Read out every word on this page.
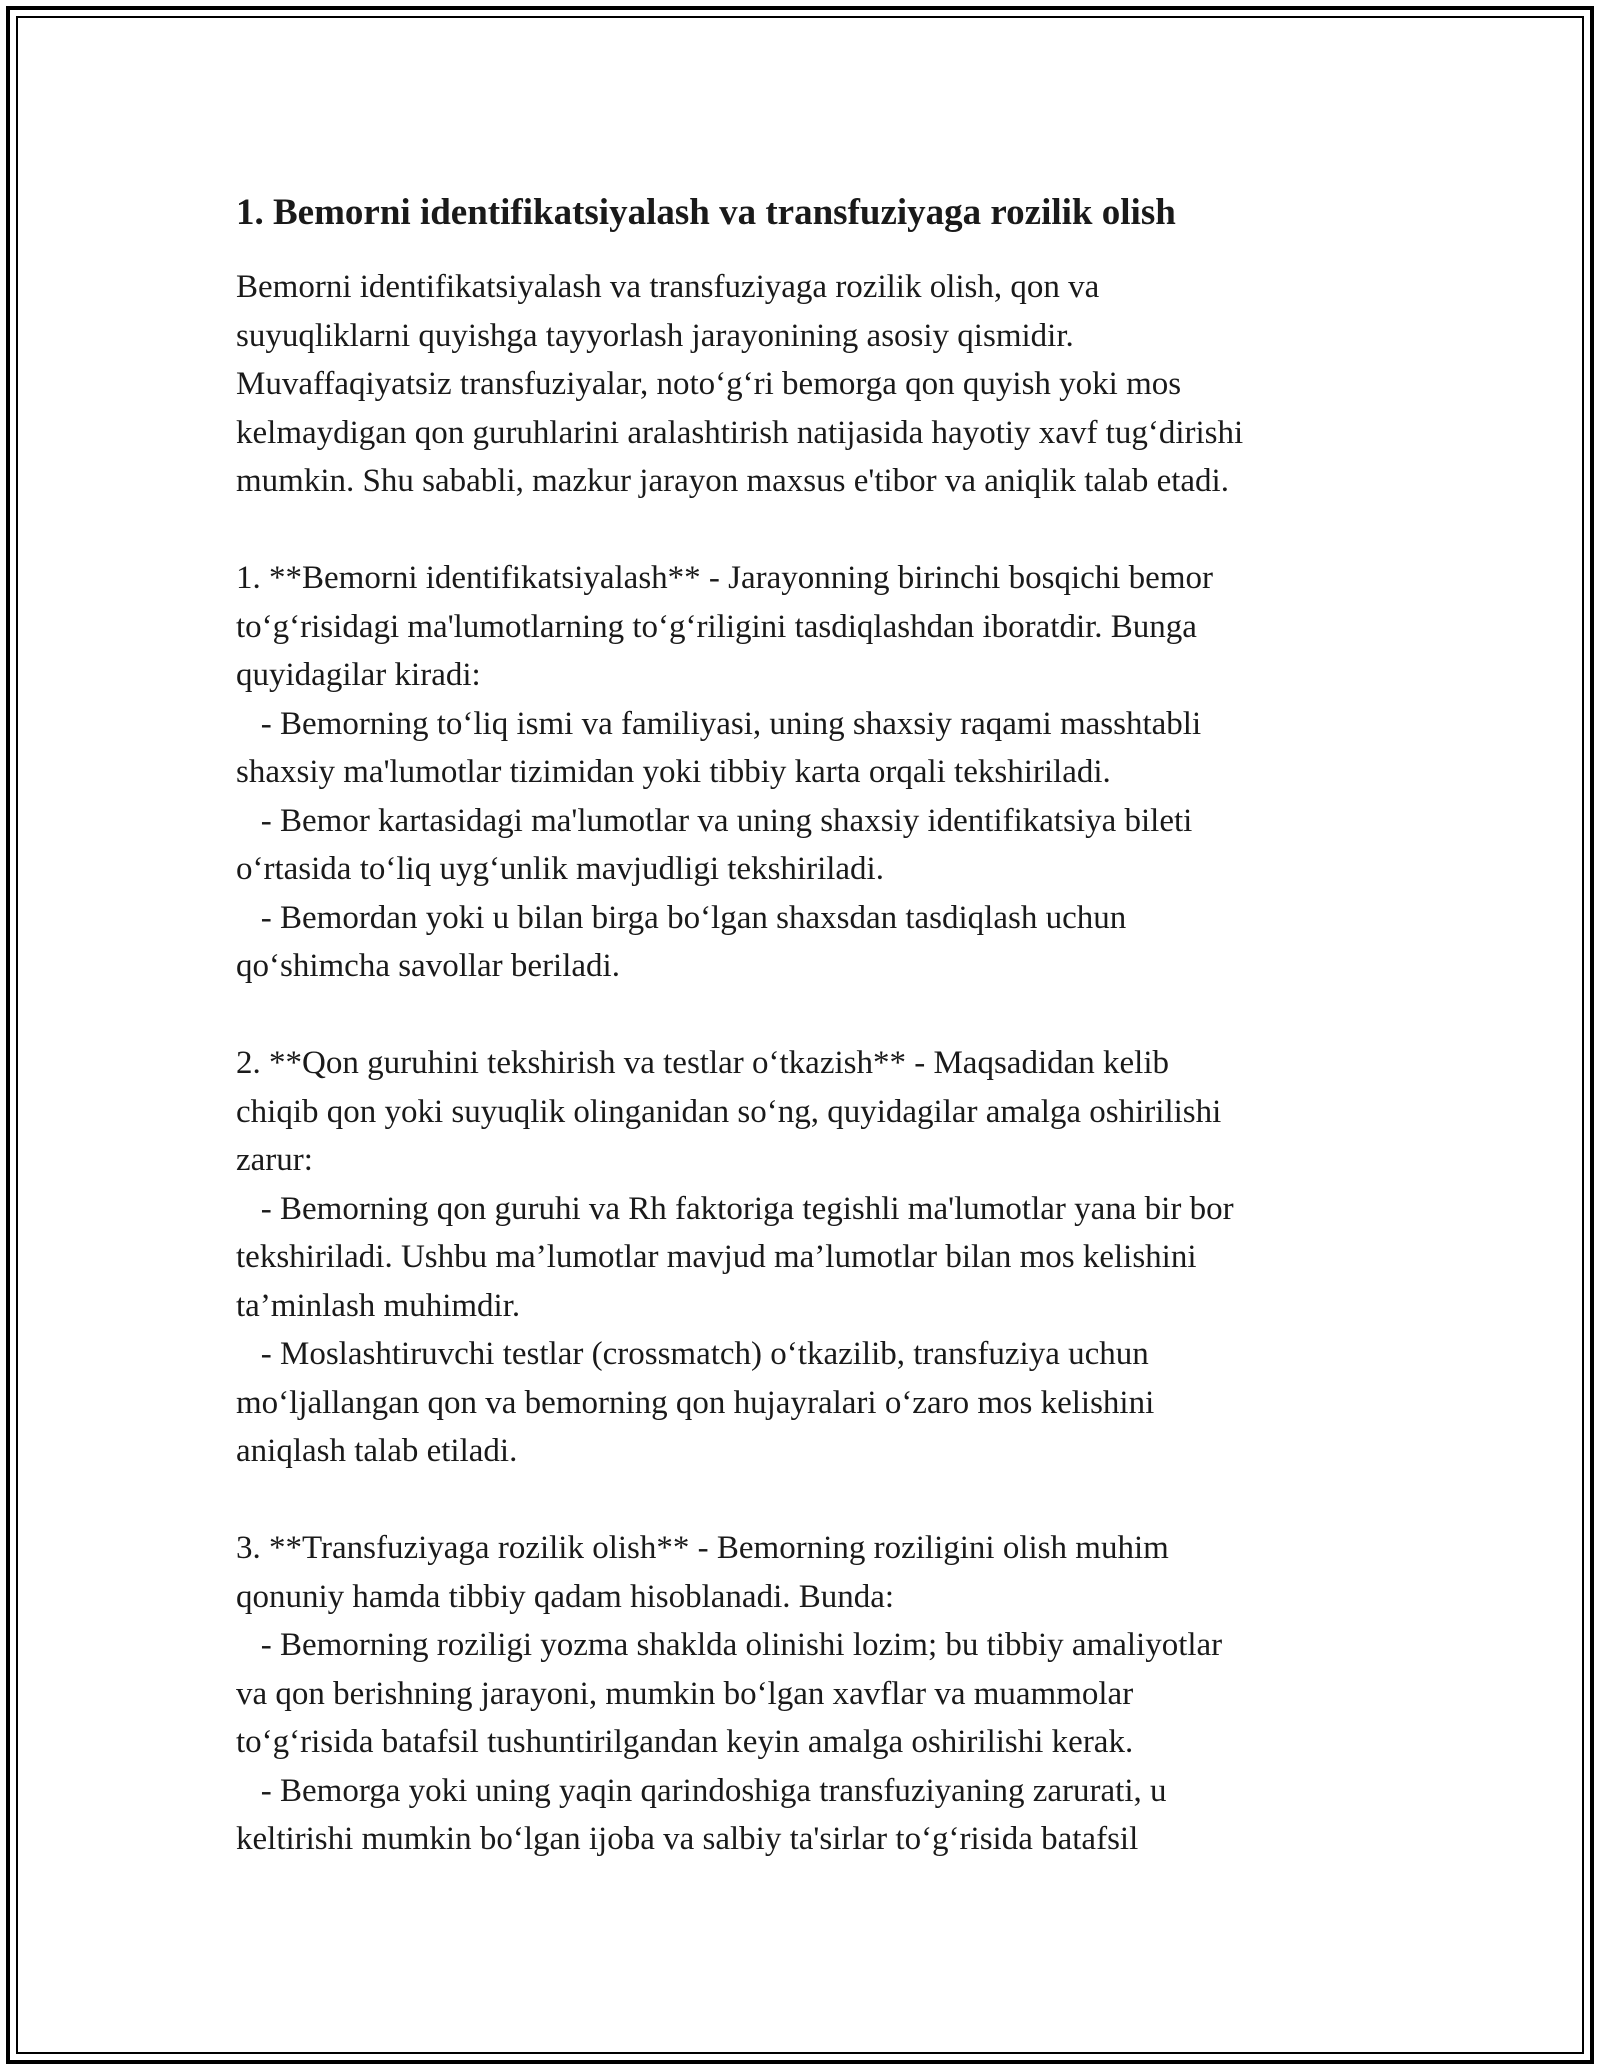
1. Bemorni identifikatsiyalash va transfuziyaga rozilik olish

Bemorni identifikatsiyalash va transfuziyaga rozilik olish, qon va
suyuqliklarni quyishga tayyorlash jarayonining asosiy qismidir.
Muvaffaqiyatsiz transfuziyalar, noto‘g‘ri bemorga qon quyish yoki mos
kelmaydigan qon guruhlarini aralashtirish natijasida hayotiy xavf tug‘dirishi
mumkin. Shu sababli, mazkur jarayon maxsus e'tibor va aniqlik talab etadi.

1. **Bemorni identifikatsiyalash** - Jarayonning birinchi bosqichi bemor
to‘g‘risidagi ma'lumotlarning to‘g‘riligini tasdiqlashdan iboratdir. Bunga
quyidagilar kiradi:
- Bemorning to‘liq ismi va familiyasi, uning shaxsiy raqami masshtabli
shaxsiy ma'lumotlar tizimidan yoki tibbiy karta orqali tekshiriladi.
- Bemor kartasidagi ma'lumotlar va uning shaxsiy identifikatsiya bileti
o‘rtasida to‘liq uyg‘unlik mavjudligi tekshiriladi.
- Bemordan yoki u bilan birga bo‘lgan shaxsdan tasdiqlash uchun
qo‘shimcha savollar beriladi.

2. **Qon guruhini tekshirish va testlar o‘tkazish** - Maqsadidan kelib
chiqib qon yoki suyuqlik olinganidan so‘ng, quyidagilar amalga oshirilishi
zarur:
- Bemorning qon guruhi va Rh faktoriga tegishli ma'lumotlar yana bir bor
tekshiriladi. Ushbu ma’lumotlar mavjud ma’lumotlar bilan mos kelishini
ta’minlash muhimdir.
- Moslashtiruvchi testlar (crossmatch) o‘tkazilib, transfuziya uchun
mo‘ljallangan qon va bemorning qon hujayralari o‘zaro mos kelishini
aniqlash talab etiladi.

3. **Transfuziyaga rozilik olish** - Bemorning roziligini olish muhim
qonuniy hamda tibbiy qadam hisoblanadi. Bunda:
- Bemorning roziligi yozma shaklda olinishi lozim; bu tibbiy amaliyotlar
va qon berishning jarayoni, mumkin bo‘lgan xavflar va muammolar
to‘g‘risida batafsil tushuntirilgandan keyin amalga oshirilishi kerak.
- Bemorga yoki uning yaqin qarindoshiga transfuziyaning zarurati, u
keltirishi mumkin bo‘lgan ijoba va salbiy ta'sirlar to‘g‘risida batafsil
